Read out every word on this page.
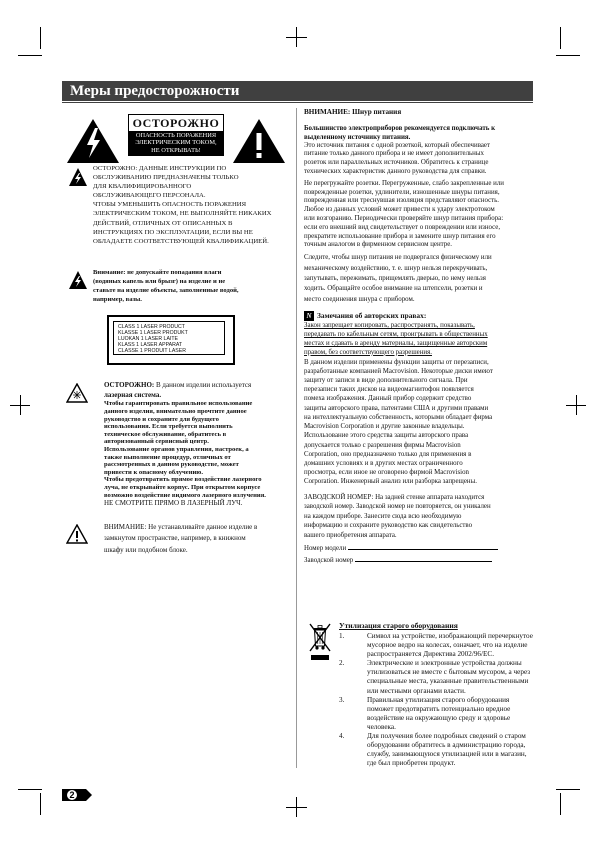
Меры предосторожности
ОСТОРОЖНО
ОПАСНОСТЬ ПОРАЖЕНИЯ
ЭЛЕКТРИЧЕСКИМ ТОКОМ,
НЕ ОТКРЫВАТЬ!
ОСТОРОЖНО: ДАННЫЕ ИНСТРУКЦИИ ПО
ОБСЛУЖИВАНИЮ ПРЕДНАЗНАЧЕНЫ ТОЛЬКО
ДЛЯ КВАЛИФИЦИРОВАННОГО
ОБСЛУЖИВАЮЩЕГО ПЕРСОНАЛА.
ЧТОБЫ УМЕНЬШИТЬ ОПАСНОСТЬ ПОРАЖЕНИЯ
ЭЛЕКТРИЧЕСКИМ ТОКОМ, НЕ ВЫПОЛНЯЙТЕ НИКАКИХ
ДЕЙСТВИЙ, ОТЛИЧНЫХ ОТ ОПИСАННЫХ В
ИНСТРУКЦИЯХ ПО ЭКСПЛУАТАЦИИ, ЕСЛИ ВЫ НЕ
ОБЛАДАЕТЕ СООТВЕТСТВУЮЩЕЙ КВАЛИФИКАЦИЕЙ.
Внимание: не допускайте попадания влаги
(водяных капель или брызг) на изделие и не
ставьте на изделие объекты, заполненные водой,
например, вазы.
CLASS 1 LASER PRODUCT
KLASSE 1 LASER PRODUKT
LUOKAN 1 LASER LAITE
KLASS 1 LASER APPARAT
CLASSE 1 PRODUIT LASER
ОСТОРОЖНО: В данном изделии используется
лазерная система.
Чтобы гарантировать правильное использование
данного изделия, внимательно прочтите данное
руководство и сохраните для будущего
использования. Если требуется выполнить
техническое обслуживание, обратитесь в
авторизованный сервисный центр.
Использование органов управления, настроек, а
также выполнение процедур, отличных от
рассмотренных в данном руководстве, может
привести к опасному облучению.
Чтобы предотвратить прямое воздействие лазерного
луча, не открывайте корпус. При открытом корпусе
возможно воздействие видимого лазерного излучения.
НЕ СМОТРИТЕ ПРЯМО В ЛАЗЕРНЫЙ ЛУЧ.
ВНИМАНИЕ: Не устанавливайте данное изделие в
замкнутом пространстве, например, в книжном
шкафу или подобном блоке.
ВНИМАНИЕ: Шнур питания
Большинство электроприборов рекомендуется подключать к
выделенному источнику питания.
Это источник питания с одной розеткой, который обеспечивает
питание только данного прибора и не имеет дополнительных
розеток или параллельных источников. Обратитесь к странице
технических характеристик данного руководства для справки.
Не перегружайте розетки. Перегруженные, слабо закрепленные или
поврежденные розетки, удлинители, изношенные шнуры питания,
поврежденная или треснувшая изоляция представляют опасность.
Любое из данных условий может привести к удару электротоком
или возгоранию. Периодически проверяйте шнур питания прибора:
если его внешний вид свидетельствует о повреждении или износе,
прекратите использование прибора и замените шнур питания его
точным аналогом в фирменном сервисном центре.
Следите, чтобы шнур питания не подвергался физическому или
механическому воздействию, т. е. шнур нельзя перекручивать,
запутывать, пережимать, прищемлять дверью, по нему нельзя
ходить. Обращайте особое внимание на штепсели, розетки и
место соединения шнура с прибором.
N Замечания об авторских правах:
Закон запрещает копировать, распространять, показывать,
передавать по кабельным сетям, проигрывать в общественных
местах и сдавать в аренду материалы, защищенные авторским
правом, без соответствующего разрешения.
В данном изделии применены функции защиты от перезаписи,
разработанные компанией Macrovision. Некоторые диски имеют
защиту от записи в виде дополнительного сигнала. При
перезаписи таких дисков на видеомагнитофон появляется
помеха изображения. Данный прибор содержит средство
защиты авторского права, патентами США и другими правами
на интеллектуальную собственность, которыми обладает фирма
Macrovision Corporation и другие законные владельцы.
Использование этого средства защиты авторского права
допускается только с разрешения фирмы Macrovision
Corporation, оно предназначено только для применения в
домашних условиях и в других местах ограниченного
просмотра, если иное не оговорено фирмой Macrovision
Corporation. Инженерный анализ или разборка запрещены.
ЗАВОДСКОЙ НОМЕР: На задней стенке аппарата находится
заводской номер. Заводской номер не повторяется, он уникален
на каждом приборе. Занесите сюда всю необходимую
информацию и сохраните руководство как свидетельство
вашего приобретения аппарата.
Номер модели
Заводской номер
Утилизация старого оборудования
1.	Символ на устройстве, изображающий перечеркнутое мусорное ведро на колесах, означает, что на изделие распространяется Директива 2002/96/EC.
2.	Электрические и электронные устройства должны утилизоваться не вместе с бытовым мусором, а через специальные места, указанные правительственными или местными органами власти.
3.	Правильная утилизация старого оборудования поможет предотвратить потенциально вредное воздействие на окружающую среду и здоровье человека.
4.	Для получения более подробных сведений о старом оборудовании обратитесь в администрацию города, службу, занимающуюся утилизацией или в магазин, где был приобретен продукт.
2
